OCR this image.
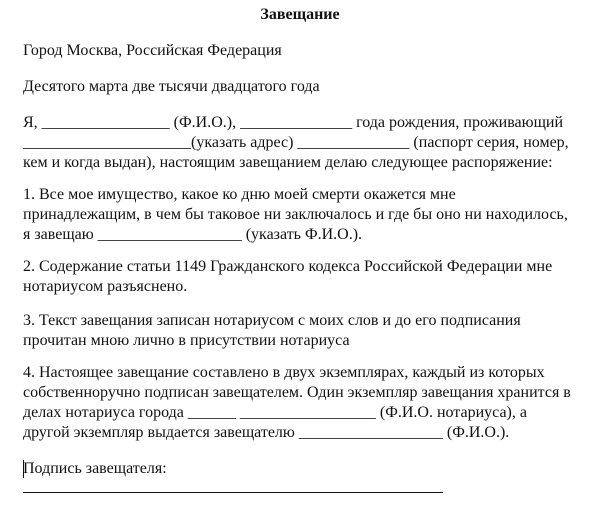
Завещание
Город Москва, Российская Федерация
Десятого марта две тысячи двадцатого года
Я, ________________ (Ф.И.О.), ______________ года рождения, проживающий
_____________________(указать адрес) ______________ (паспорт серия, номер,
кем и когда выдан), настоящим завещанием делаю следующее распоряжение:
1. Все мое имущество, какое ко дню моей смерти окажется мне
принадлежащим, в чем бы таковое ни заключалось и где бы оно ни находилось,
я завещаю __________________ (указать Ф.И.О.).
2. Содержание статьи 1149 Гражданского кодекса Российской Федерации мне
нотариусом разъяснено.
3. Текст завещания записан нотариусом с моих слов и до его подписания
прочитан мною лично в присутствии нотариуса
4. Настоящее завещание составлено в двух экземплярах, каждый из которых
собственноручно подписан завещателем. Один экземпляр завещания хранится в
делах нотариуса города ______ _________________ (Ф.И.О. нотариуса), а
другой экземпляр выдается завещателю __________________ (Ф.И.О.).
Подпись завещателя:
